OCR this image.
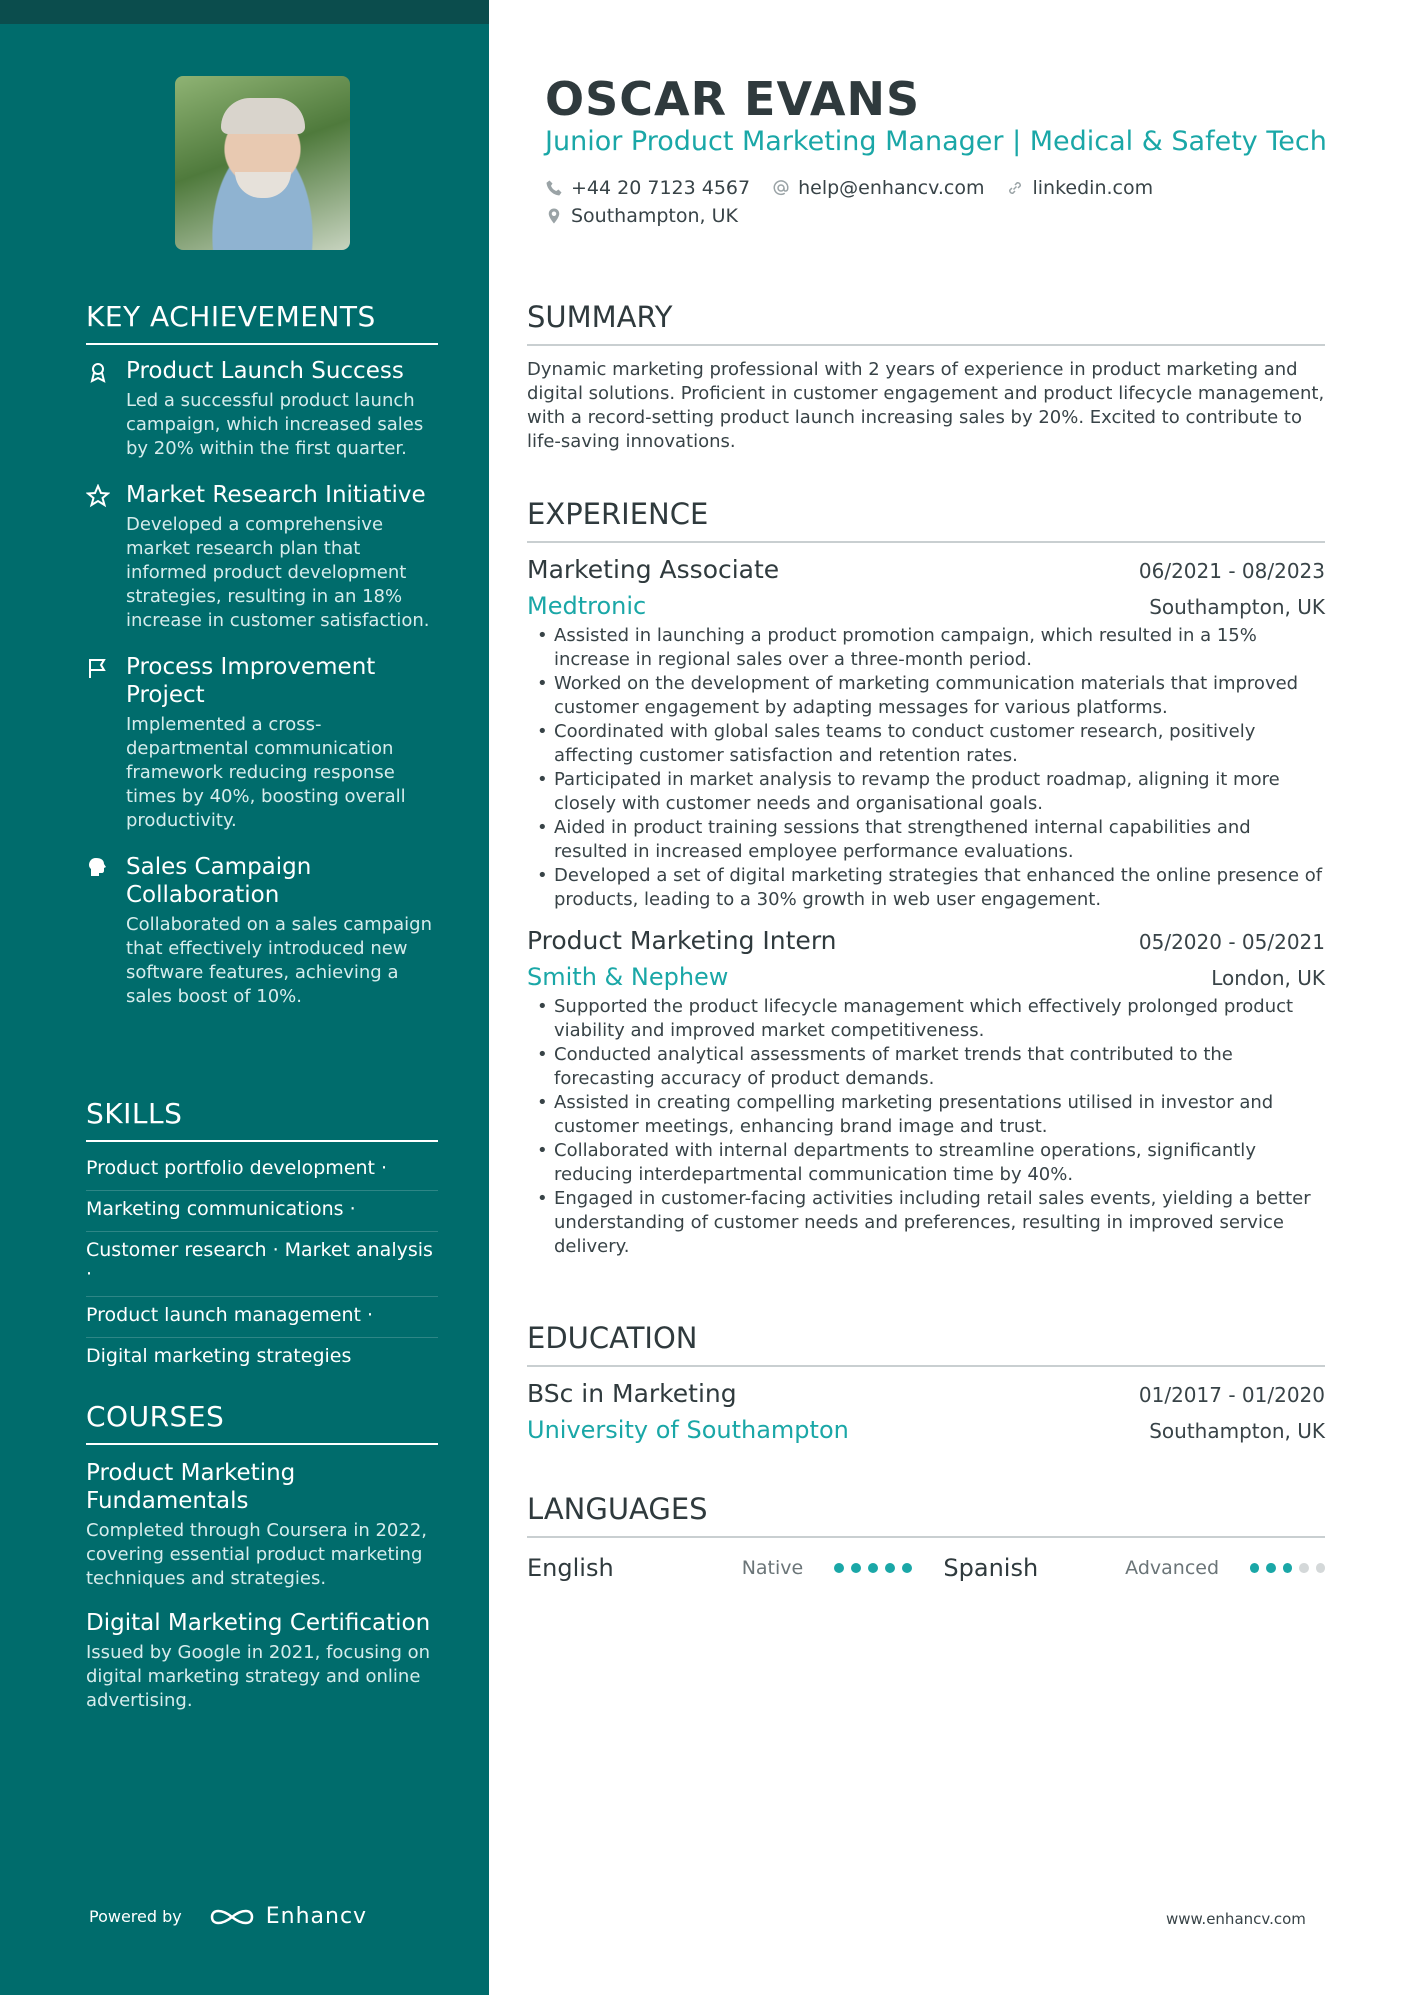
KEY ACHIEVEMENTS
Product Launch Success
Led a successful product launch campaign, which increased sales by 20% within the first quarter.
Market Research Initiative
Developed a comprehensive market research plan that informed product development strategies, resulting in an 18% increase in customer satisfaction.
Process Improvement Project
Implemented a cross-departmental communication framework reducing response times by 40%, boosting overall productivity.
Sales Campaign Collaboration
Collaborated on a sales campaign that effectively introduced new software features, achieving a sales boost of 10%.
SKILLS
Product portfolio development ·
Marketing communications ·
Customer research · Market analysis ·
Product launch management ·
Digital marketing strategies
COURSES
Product Marketing Fundamentals
Completed through Coursera in 2022, covering essential product marketing techniques and strategies.
Digital Marketing Certification
Issued by Google in 2021, focusing on digital marketing strategy and online advertising.
Powered by	Enhancv
OSCAR EVANS
Junior Product Marketing Manager | Medical & Safety Tech
+44 20 7123 4567	help@enhancv.com	linkedin.com
Southampton, UK
SUMMARY
Dynamic marketing professional with 2 years of experience in product marketing and digital solutions. Proficient in customer engagement and product lifecycle management, with a record-setting product launch increasing sales by 20%. Excited to contribute to life-saving innovations.
EXPERIENCE
Marketing Associate	06/2021 - 08/2023
Medtronic	Southampton, UK
• Assisted in launching a product promotion campaign, which resulted in a 15% increase in regional sales over a three-month period.
• Worked on the development of marketing communication materials that improved customer engagement by adapting messages for various platforms.
• Coordinated with global sales teams to conduct customer research, positively affecting customer satisfaction and retention rates.
• Participated in market analysis to revamp the product roadmap, aligning it more closely with customer needs and organisational goals.
• Aided in product training sessions that strengthened internal capabilities and resulted in increased employee performance evaluations.
• Developed a set of digital marketing strategies that enhanced the online presence of products, leading to a 30% growth in web user engagement.
Product Marketing Intern	05/2020 - 05/2021
Smith & Nephew	London, UK
• Supported the product lifecycle management which effectively prolonged product viability and improved market competitiveness.
• Conducted analytical assessments of market trends that contributed to the forecasting accuracy of product demands.
• Assisted in creating compelling marketing presentations utilised in investor and customer meetings, enhancing brand image and trust.
• Collaborated with internal departments to streamline operations, significantly reducing interdepartmental communication time by 40%.
• Engaged in customer-facing activities including retail sales events, yielding a better understanding of customer needs and preferences, resulting in improved service delivery.
EDUCATION
BSc in Marketing	01/2017 - 01/2020
University of Southampton	Southampton, UK
LANGUAGES
English	Native	Spanish	Advanced
www.enhancv.com
